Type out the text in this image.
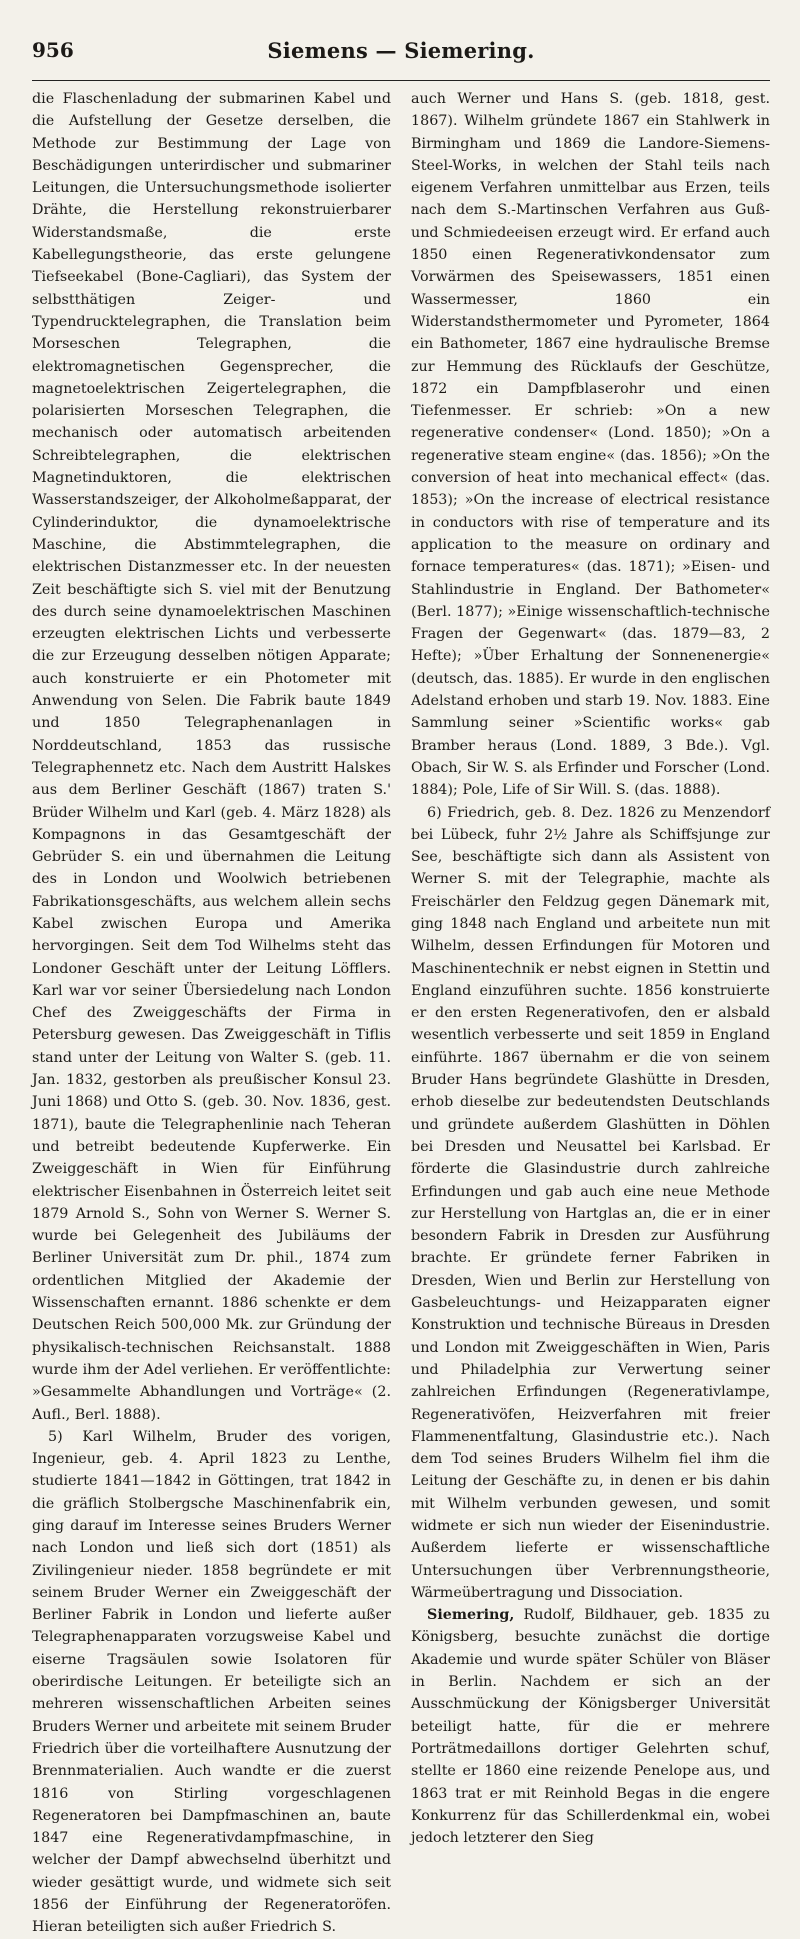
956	Siemens — Siemering.

die Flaschenladung der submarinen Kabel und die Aufstellung der Gesetze derselben, die Methode zur Bestimmung der Lage von Beschädigungen unterirdischer und submariner Leitungen, die Untersuchungsmethode isolierter Drähte, die Herstellung rekonstruierbarer Widerstandsmaße, die erste Kabellegungstheorie, das erste gelungene Tiefseekabel (Bone-Cagliari), das System der selbstthätigen Zeiger- und Typendrucktelegraphen, die Translation beim Morseschen Telegraphen, die elektromagnetischen Gegensprecher, die magnetoelektrischen Zeigertelegraphen, die polarisierten Morseschen Telegraphen, die mechanisch oder automatisch arbeitenden Schreibtelegraphen, die elektrischen Magnetinduktoren, die elektrischen Wasserstandszeiger, der Alkoholmeßapparat, der Cylinderinduktor, die dynamoelektrische Maschine, die Abstimmtelegraphen, die elektrischen Distanzmesser etc. In der neuesten Zeit beschäftigte sich S. viel mit der Benutzung des durch seine dynamoelektrischen Maschinen erzeugten elektrischen Lichts und verbesserte die zur Erzeugung desselben nötigen Apparate; auch konstruierte er ein Photometer mit Anwendung von Selen. Die Fabrik baute 1849 und 1850 Telegraphenanlagen in Norddeutschland, 1853 das russische Telegraphennetz etc. Nach dem Austritt Halskes aus dem Berliner Geschäft (1867) traten S.' Brüder Wilhelm und Karl (geb. 4. März 1828) als Kompagnons in das Gesamtgeschäft der Gebrüder S. ein und übernahmen die Leitung des in London und Woolwich betriebenen Fabrikationsgeschäfts, aus welchem allein sechs Kabel zwischen Europa und Amerika hervorgingen. Seit dem Tod Wilhelms steht das Londoner Geschäft unter der Leitung Löfflers. Karl war vor seiner Übersiedelung nach London Chef des Zweiggeschäfts der Firma in Petersburg gewesen. Das Zweiggeschäft in Tiflis stand unter der Leitung von Walter S. (geb. 11. Jan. 1832, gestorben als preußischer Konsul 23. Juni 1868) und Otto S. (geb. 30. Nov. 1836, gest. 1871), baute die Telegraphenlinie nach Teheran und betreibt bedeutende Kupferwerke. Ein Zweiggeschäft in Wien für Einführung elektrischer Eisenbahnen in Österreich leitet seit 1879 Arnold S., Sohn von Werner S. Werner S. wurde bei Gelegenheit des Jubiläums der Berliner Universität zum Dr. phil., 1874 zum ordentlichen Mitglied der Akademie der Wissenschaften ernannt. 1886 schenkte er dem Deutschen Reich 500,000 Mk. zur Gründung der physikalisch-technischen Reichsanstalt. 1888 wurde ihm der Adel verliehen. Er veröffentlichte: »Gesammelte Abhandlungen und Vorträge« (2. Aufl., Berl. 1888).

5) Karl Wilhelm, Bruder des vorigen, Ingenieur, geb. 4. April 1823 zu Lenthe, studierte 1841—1842 in Göttingen, trat 1842 in die gräflich Stolbergsche Maschinenfabrik ein, ging darauf im Interesse seines Bruders Werner nach London und ließ sich dort (1851) als Zivilingenieur nieder. 1858 begründete er mit seinem Bruder Werner ein Zweiggeschäft der Berliner Fabrik in London und lieferte außer Telegraphenapparaten vorzugsweise Kabel und eiserne Tragsäulen sowie Isolatoren für oberirdische Leitungen. Er beteiligte sich an mehreren wissenschaftlichen Arbeiten seines Bruders Werner und arbeitete mit seinem Bruder Friedrich über die vorteilhaftere Ausnutzung der Brennmaterialien. Auch wandte er die zuerst 1816 von Stirling vorgeschlagenen Regeneratoren bei Dampfmaschinen an, baute 1847 eine Regenerativdampfmaschine, in welcher der Dampf abwechselnd überhitzt und wieder gesättigt wurde, und widmete sich seit 1856 der Einführung der Regeneratoröfen. Hieran beteiligten sich außer Friedrich S.

auch Werner und Hans S. (geb. 1818, gest. 1867). Wilhelm gründete 1867 ein Stahlwerk in Birmingham und 1869 die Landore-Siemens-Steel-Works, in welchen der Stahl teils nach eigenem Verfahren unmittelbar aus Erzen, teils nach dem S.-Martinschen Verfahren aus Guß- und Schmiedeeisen erzeugt wird. Er erfand auch 1850 einen Regenerativkondensator zum Vorwärmen des Speisewassers, 1851 einen Wassermesser, 1860 ein Widerstandsthermometer und Pyrometer, 1864 ein Bathometer, 1867 eine hydraulische Bremse zur Hemmung des Rücklaufs der Geschütze, 1872 ein Dampfblaserohr und einen Tiefenmesser. Er schrieb: »On a new regenerative condenser« (Lond. 1850); »On a regenerative steam engine« (das. 1856); »On the conversion of heat into mechanical effect« (das. 1853); »On the increase of electrical resistance in conductors with rise of temperature and its application to the measure on ordinary and fornace temperatures« (das. 1871); »Eisen- und Stahlindustrie in England. Der Bathometer« (Berl. 1877); »Einige wissenschaftlich-technische Fragen der Gegenwart« (das. 1879—83, 2 Hefte); »Über Erhaltung der Sonnenenergie« (deutsch, das. 1885). Er wurde in den englischen Adelstand erhoben und starb 19. Nov. 1883. Eine Sammlung seiner »Scientific works« gab Bramber heraus (Lond. 1889, 3 Bde.). Vgl. Obach, Sir W. S. als Erfinder und Forscher (Lond. 1884); Pole, Life of Sir Will. S. (das. 1888).

6) Friedrich, geb. 8. Dez. 1826 zu Menzendorf bei Lübeck, fuhr 2½ Jahre als Schiffsjunge zur See, beschäftigte sich dann als Assistent von Werner S. mit der Telegraphie, machte als Freischärler den Feldzug gegen Dänemark mit, ging 1848 nach England und arbeitete nun mit Wilhelm, dessen Erfindungen für Motoren und Maschinentechnik er nebst eignen in Stettin und England einzuführen suchte. 1856 konstruierte er den ersten Regenerativofen, den er alsbald wesentlich verbesserte und seit 1859 in England einführte. 1867 übernahm er die von seinem Bruder Hans begründete Glashütte in Dresden, erhob dieselbe zur bedeutendsten Deutschlands und gründete außerdem Glashütten in Döhlen bei Dresden und Neusattel bei Karlsbad. Er förderte die Glasindustrie durch zahlreiche Erfindungen und gab auch eine neue Methode zur Herstellung von Hartglas an, die er in einer besondern Fabrik in Dresden zur Ausführung brachte. Er gründete ferner Fabriken in Dresden, Wien und Berlin zur Herstellung von Gasbeleuchtungs- und Heizapparaten eigner Konstruktion und technische Büreaus in Dresden und London mit Zweiggeschäften in Wien, Paris und Philadelphia zur Verwertung seiner zahlreichen Erfindungen (Regenerativlampe, Regenerativöfen, Heizverfahren mit freier Flammenentfaltung, Glasindustrie etc.). Nach dem Tod seines Bruders Wilhelm fiel ihm die Leitung der Geschäfte zu, in denen er bis dahin mit Wilhelm verbunden gewesen, und somit widmete er sich nun wieder der Eisenindustrie. Außerdem lieferte er wissenschaftliche Untersuchungen über Verbrennungstheorie, Wärmeübertragung und Dissociation.

Siemering, Rudolf, Bildhauer, geb. 1835 zu Königsberg, besuchte zunächst die dortige Akademie und wurde später Schüler von Bläser in Berlin. Nachdem er sich an der Ausschmückung der Königsberger Universität beteiligt hatte, für die er mehrere Porträtmedaillons dortiger Gelehrten schuf, stellte er 1860 eine reizende Penelope aus, und 1863 trat er mit Reinhold Begas in die engere Konkurrenz für das Schillerdenkmal ein, wobei jedoch letzterer den Sieg
